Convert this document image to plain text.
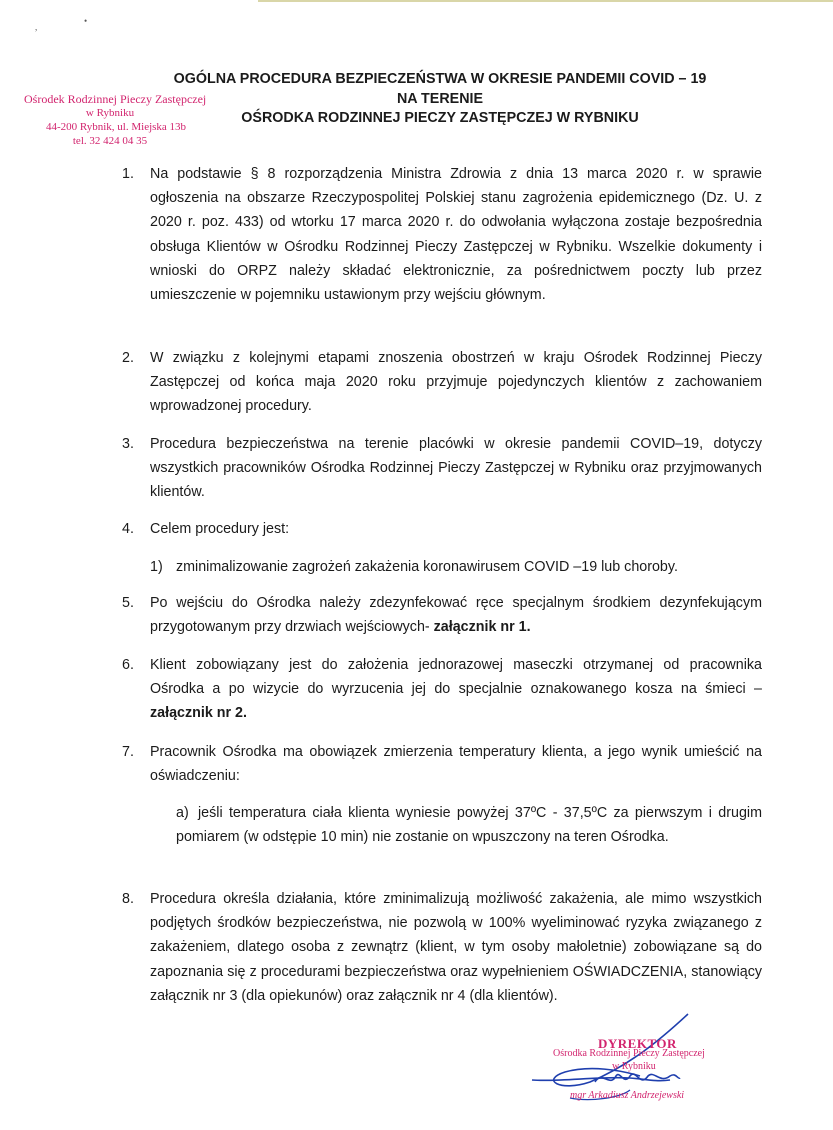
,
•
Ośrodek Rodzinnej Pieczy Zastępczej
w Rybniku
44-200 Rybnik, ul. Miejska 13b
tel. 32 424 04 35
OGÓLNA PROCEDURA BEZPIECZEŃSTWA W OKRESIE PANDEMII COVID – 19
NA TERENIE
OŚRODKA RODZINNEJ PIECZY ZASTĘPCZEJ W RYBNIKU
1. Na podstawie § 8 rozporządzenia Ministra Zdrowia z dnia 13 marca 2020 r. w sprawie ogłoszenia na obszarze Rzeczypospolitej Polskiej stanu zagrożenia epidemicznego (Dz. U. z 2020 r. poz. 433) od wtorku 17 marca 2020 r. do odwołania wyłączona zostaje bezpośrednia obsługa Klientów w Ośrodku Rodzinnej Pieczy Zastępczej w Rybniku. Wszelkie dokumenty i wnioski do ORPZ należy składać elektronicznie, za pośrednictwem poczty lub przez umieszczenie w pojemniku ustawionym przy wejściu głównym.
2. W związku z kolejnymi etapami znoszenia obostrzeń w kraju Ośrodek Rodzinnej Pieczy Zastępczej od końca maja 2020 roku przyjmuje pojedynczych klientów z zachowaniem wprowadzonej procedury.
3. Procedura bezpieczeństwa na terenie placówki w okresie pandemii COVID–19, dotyczy wszystkich pracowników Ośrodka Rodzinnej Pieczy Zastępczej w Rybniku oraz przyjmowanych klientów.
4. Celem procedury jest:
1) zminimalizowanie zagrożeń zakażenia koronawirusem COVID –19 lub choroby.
5. Po wejściu do Ośrodka należy zdezynfekować ręce specjalnym środkiem dezynfekującym przygotowanym przy drzwiach wejściowych- załącznik nr 1.
6. Klient zobowiązany jest do założenia jednorazowej maseczki otrzymanej od pracownika Ośrodka a po wizycie do wyrzucenia jej do specjalnie oznakowanego kosza na śmieci – załącznik nr 2.
7. Pracownik Ośrodka ma obowiązek zmierzenia temperatury klienta, a jego wynik umieścić na oświadczeniu:
a) jeśli temperatura ciała klienta wyniesie powyżej 37ºC - 37,5ºC za pierwszym i drugim pomiarem (w odstępie 10 min) nie zostanie on wpuszczony na teren Ośrodka.
8. Procedura określa działania, które zminimalizują możliwość zakażenia, ale mimo wszystkich podjętych środków bezpieczeństwa, nie pozwolą w 100% wyeliminować ryzyka związanego z zakażeniem, dlatego osoba z zewnątrz (klient, w tym osoby małoletnie) zobowiązane są do zapoznania się z procedurami bezpieczeństwa oraz wypełnieniem OŚWIADCZENIA, stanowiący załącznik nr 3 (dla opiekunów) oraz załącznik nr 4 (dla klientów).
DYREKTOR
Ośrodka Rodzinnej Pieczy Zastępczej
w Rybniku
mgr Arkadiusz Andrzejewski
